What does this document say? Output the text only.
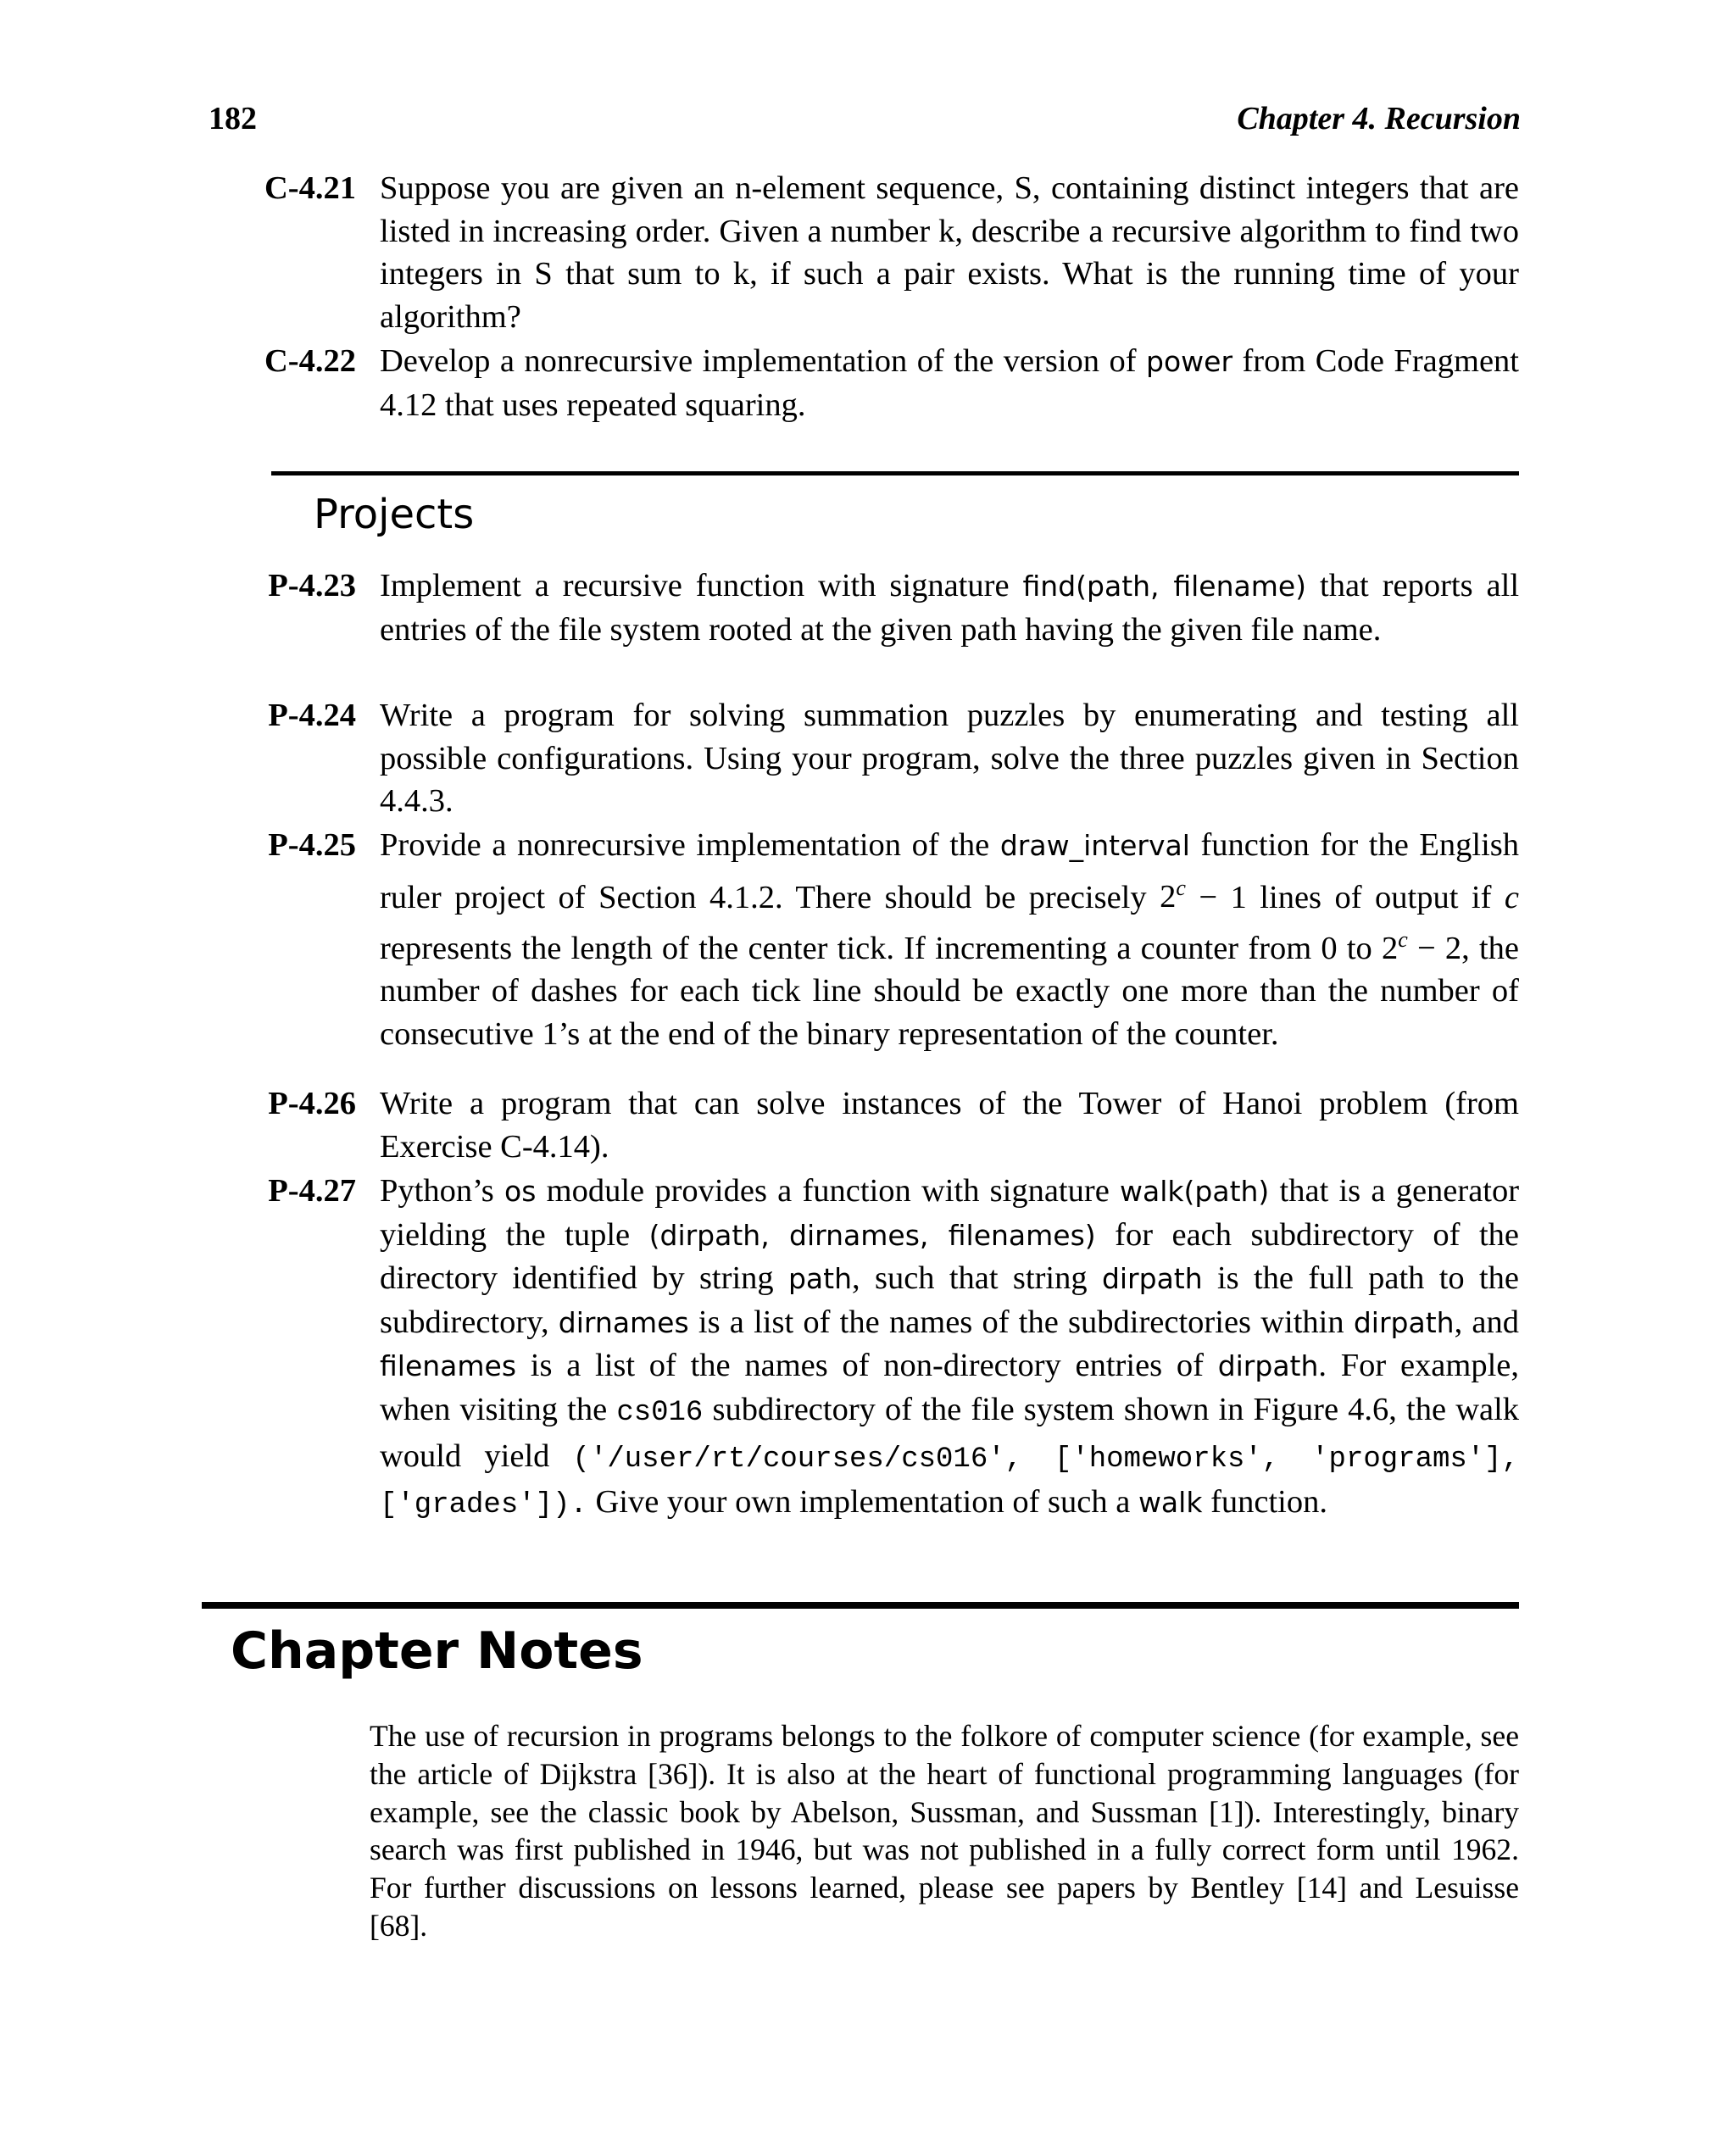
182	Chapter 4. Recursion
C-4.21 Suppose you are given an n-element sequence, S, containing distinct integers that are listed in increasing order. Given a number k, describe a recursive algorithm to find two integers in S that sum to k, if such a pair exists. What is the running time of your algorithm?
C-4.22 Develop a nonrecursive implementation of the version of power from Code Fragment 4.12 that uses repeated squaring.
Projects
P-4.23 Implement a recursive function with signature find(path, filename) that reports all entries of the file system rooted at the given path having the given file name.
P-4.24 Write a program for solving summation puzzles by enumerating and testing all possible configurations. Using your program, solve the three puzzles given in Section 4.4.3.
P-4.25 Provide a nonrecursive implementation of the draw_interval function for the English ruler project of Section 4.1.2. There should be precisely $2^c - 1$ lines of output if c represents the length of the center tick. If incrementing a counter from 0 to $2^c - 2$, the number of dashes for each tick line should be exactly one more than the number of consecutive 1’s at the end of the binary representation of the counter.
P-4.26 Write a program that can solve instances of the Tower of Hanoi problem (from Exercise C-4.14).
P-4.27 Python’s os module provides a function with signature walk(path) that is a generator yielding the tuple (dirpath, dirnames, filenames) for each subdirectory of the directory identified by string path, such that string dirpath is the full path to the subdirectory, dirnames is a list of the names of the subdirectories within dirpath, and filenames is a list of the names of non-directory entries of dirpath. For example, when visiting the cs016 subdirectory of the file system shown in Figure 4.6, the walk would yield ('/user/rt/courses/cs016', ['homeworks', 'programs'], ['grades']). Give your own implementation of such a walk function.
Chapter Notes
The use of recursion in programs belongs to the folkore of computer science (for example, see the article of Dijkstra [36]). It is also at the heart of functional programming languages (for example, see the classic book by Abelson, Sussman, and Sussman [1]). Interestingly, binary search was first published in 1946, but was not published in a fully correct form until 1962. For further discussions on lessons learned, please see papers by Bentley [14] and Lesuisse [68].
